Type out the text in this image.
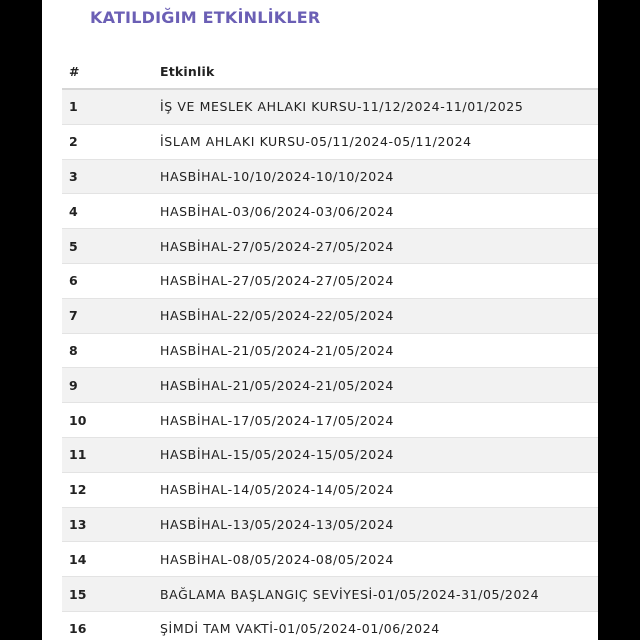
KATILDIĞIM ETKİNLİKLER
#	Etkinlik
1	İŞ VE MESLEK AHLAKI KURSU-11/12/2024-11/01/2025
2	İSLAM AHLAKI KURSU-05/11/2024-05/11/2024
3	HASBİHAL-10/10/2024-10/10/2024
4	HASBİHAL-03/06/2024-03/06/2024
5	HASBİHAL-27/05/2024-27/05/2024
6	HASBİHAL-27/05/2024-27/05/2024
7	HASBİHAL-22/05/2024-22/05/2024
8	HASBİHAL-21/05/2024-21/05/2024
9	HASBİHAL-21/05/2024-21/05/2024
10	HASBİHAL-17/05/2024-17/05/2024
11	HASBİHAL-15/05/2024-15/05/2024
12	HASBİHAL-14/05/2024-14/05/2024
13	HASBİHAL-13/05/2024-13/05/2024
14	HASBİHAL-08/05/2024-08/05/2024
15	BAĞLAMA BAŞLANGIÇ SEVİYESİ-01/05/2024-31/05/2024
16	ŞİMDİ TAM VAKTİ-01/05/2024-01/06/2024
